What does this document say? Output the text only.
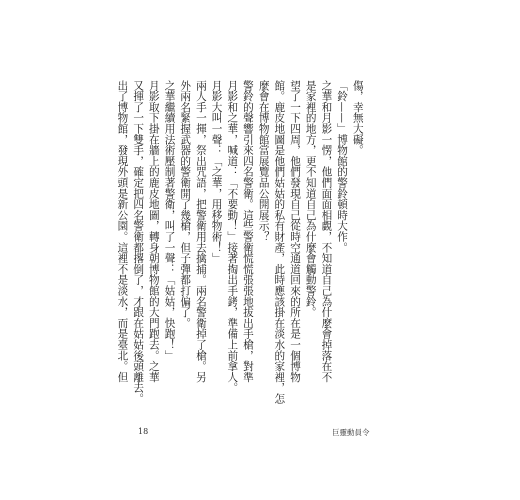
傷，幸無大礙。
「鈴——」博物館的警鈴頓時大作。
之華和月影一愣，他們面面相覷，不知道自己為什麼會掉落在不
是家裡的地方，更不知道自己為什麼會觸動警鈴。
望了一下四周，他們發現自己從時空通道回來的所在是一個博物
館。鹿皮地圖是他們姑姑的私有財產，此時應該掛在淡水的家裡，怎
麼會在博物館當展覽品公開展示？
警鈴的聲響引來四名警衛。這些警衛慌慌張張地拔出手槍，對準
月影和之華，喊道：「不要動！」接著掏出手銬，準備上前拿人。
月影大叫一聲：「之華，用移物術！」
兩人手一揮，祭出咒語，把警衛用去擒捕。兩名警衛掉了槍。另
外兩名緊握武器的警衛開了幾槍，但子彈都打偏了。
之華繼續用法術壓制著警衛，叫了一聲：「姑姑，快跑！」
月影取下掛在牆上的鹿皮地圖，轉身朝博物館的大門跑去。之華
又揮了一下雙手，確定把四名警衛都撂倒了，才跟在姑姑後頭離去。
出了博物館，發現外頭是新公園。這裡不是淡水，而是臺北。但
18	巨靈動員令
